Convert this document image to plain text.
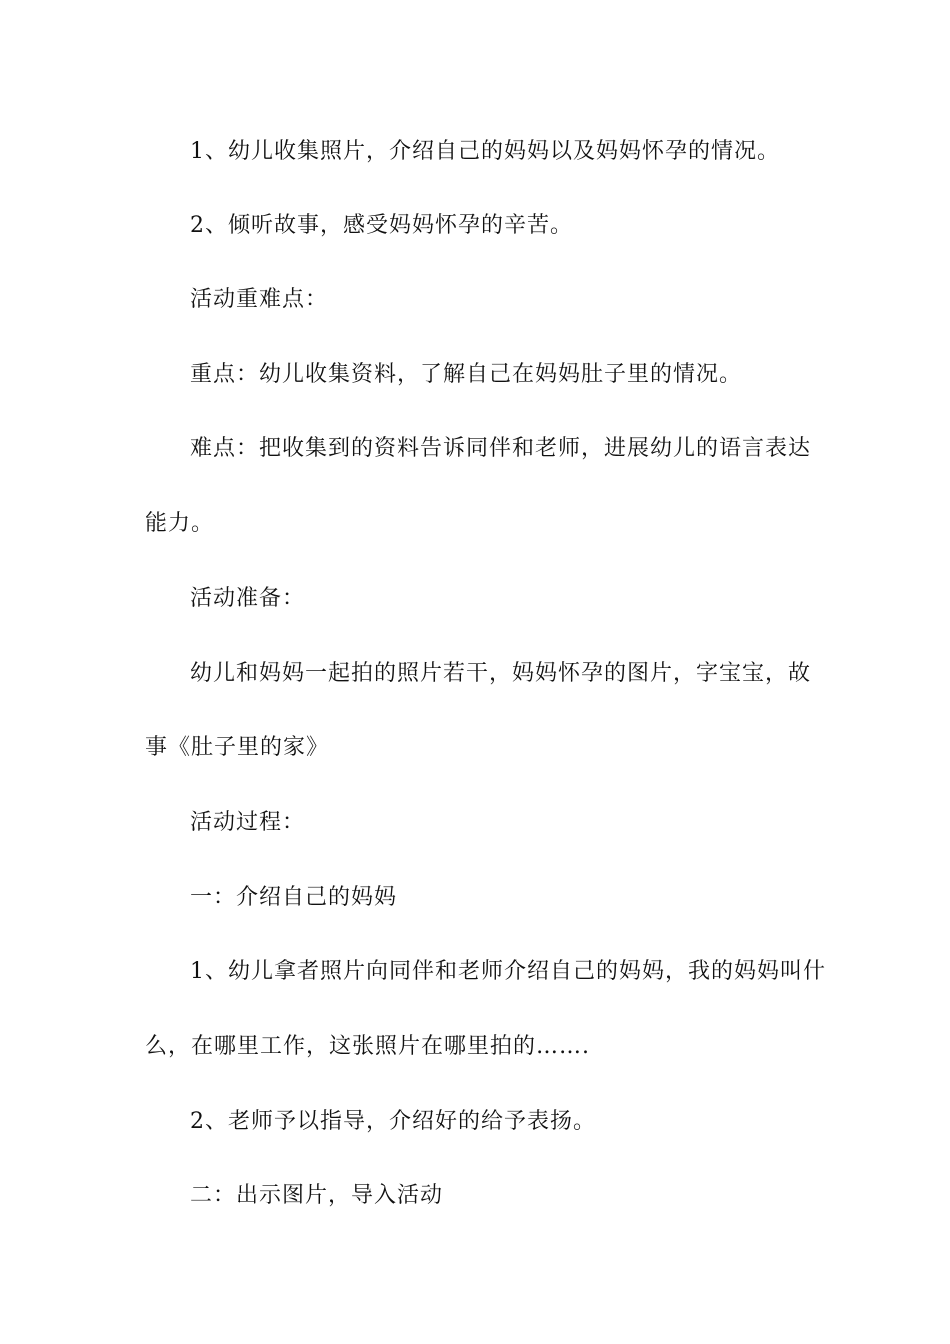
1、幼儿收集照片，介绍自己的妈妈以及妈妈怀孕的情况。
2、倾听故事，感受妈妈怀孕的辛苦。
活动重难点：
重点：幼儿收集资料，了解自己在妈妈肚子里的情况。
难点：把收集到的资料告诉同伴和老师，进展幼儿的语言表达
能力。
活动准备：
幼儿和妈妈一起拍的照片若干，妈妈怀孕的图片，字宝宝，故
事《肚子里的家》
活动过程：
一：介绍自己的妈妈
1、幼儿拿者照片向同伴和老师介绍自己的妈妈，我的妈妈叫什
么，在哪里工作，这张照片在哪里拍的…….
2、老师予以指导，介绍好的给予表扬。
二：出示图片，导入活动
